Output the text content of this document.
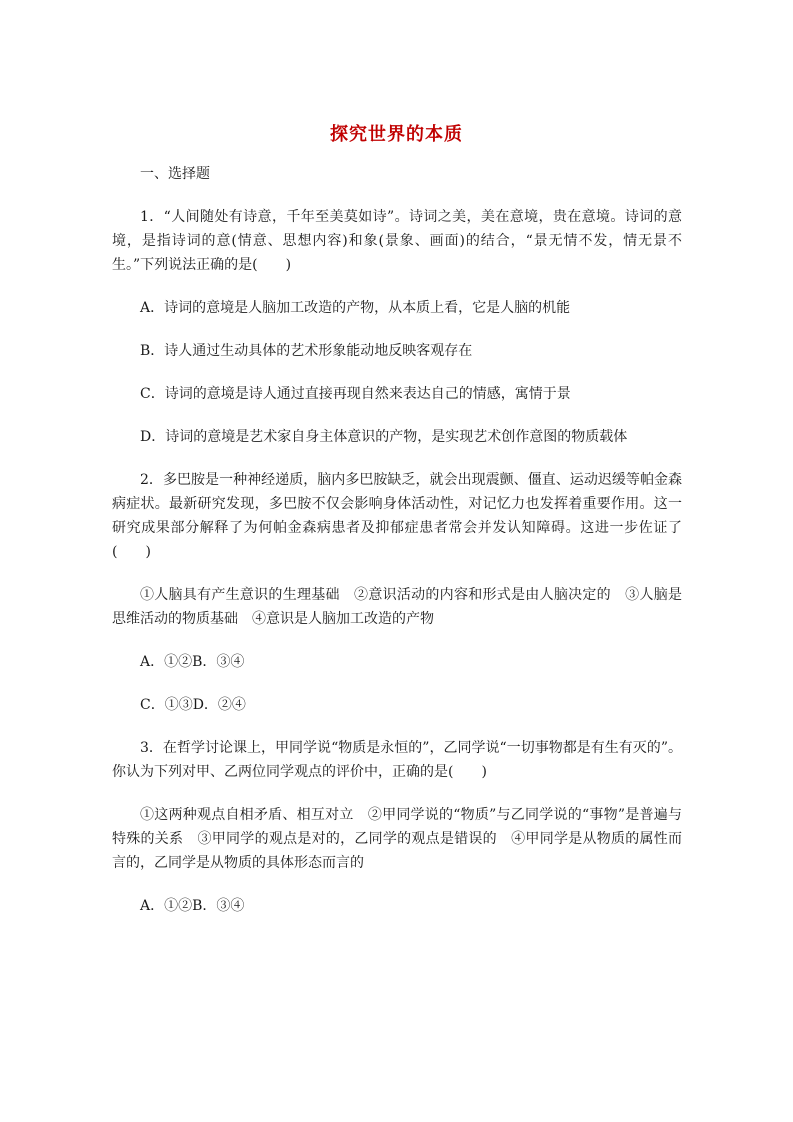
探究世界的本质

一、选择题

1．“人间随处有诗意，千年至美莫如诗”。诗词之美，美在意境，贵在意境。诗词的意境，是指诗词的意(情意、思想内容)和象(景象、画面)的结合，“景无情不发，情无景不生。”下列说法正确的是(　　)

A．诗词的意境是人脑加工改造的产物，从本质上看，它是人脑的机能

B．诗人通过生动具体的艺术形象能动地反映客观存在

C．诗词的意境是诗人通过直接再现自然来表达自己的情感，寓情于景

D．诗词的意境是艺术家自身主体意识的产物，是实现艺术创作意图的物质载体

2．多巴胺是一种神经递质，脑内多巴胺缺乏，就会出现震颤、僵直、运动迟缓等帕金森病症状。最新研究发现，多巴胺不仅会影响身体活动性，对记忆力也发挥着重要作用。这一研究成果部分解释了为何帕金森病患者及抑郁症患者常会并发认知障碍。这进一步佐证了(　　)

①人脑具有产生意识的生理基础　②意识活动的内容和形式是由人脑决定的　③人脑是思维活动的物质基础　④意识是人脑加工改造的产物

A．①②B．③④

C．①③D．②④

3．在哲学讨论课上，甲同学说“物质是永恒的”，乙同学说“一切事物都是有生有灭的”。你认为下列对甲、乙两位同学观点的评价中，正确的是(　　)

①这两种观点自相矛盾、相互对立　②甲同学说的“物质”与乙同学说的“事物”是普遍与特殊的关系　③甲同学的观点是对的，乙同学的观点是错误的　④甲同学是从物质的属性而言的，乙同学是从物质的具体形态而言的

A．①②B．③④
